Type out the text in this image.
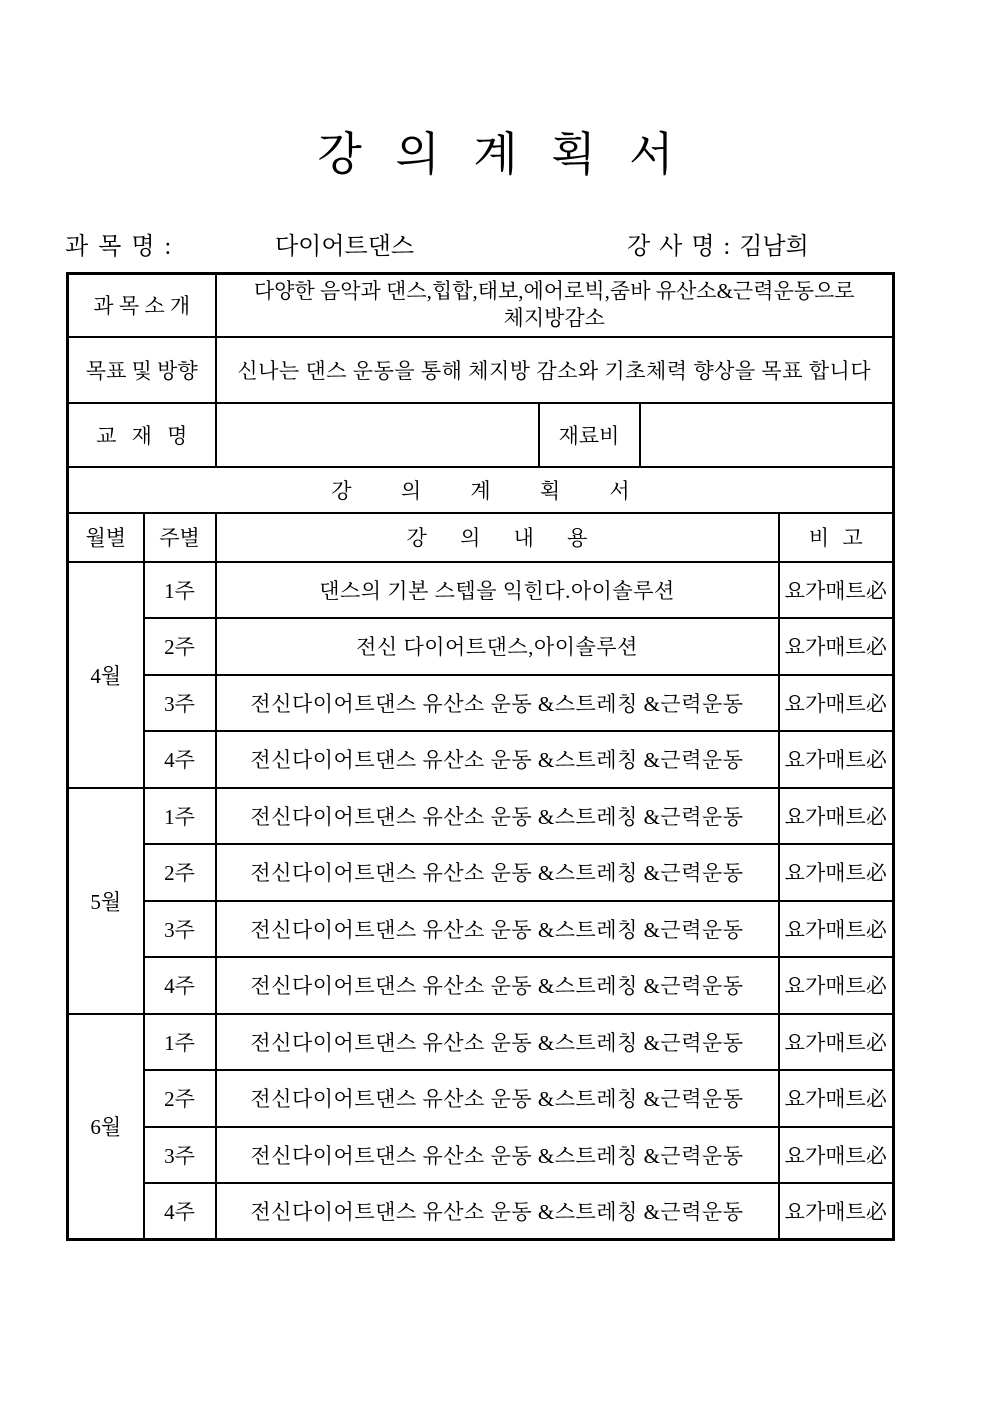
강 의 계 획 서
과 목 명 :	다이어트댄스	강 사 명 : 김남희
과 목 소 개		다양한 음악과 댄스,힙합,태보,에어로빅,줌바 유산소&근력운동으로
체지방감소			

목표 및 방향		신나는 댄스 운동을 통해 체지방 감소와 기초체력 향상을 목표 합니다			
교 재 명			재료비		
강 의 계 획 서					
월별	주별	강 의 내 용			비 고
4월	1주	댄스의 기본 스텝을 익힌다.아이솔루션			요가매트必
	2주	전신 다이어트댄스,아이솔루션			요가매트必
	3주	전신다이어트댄스 유산소 운동 &스트레칭 &근력운동			요가매트必
	4주	전신다이어트댄스 유산소 운동 &스트레칭 &근력운동			요가매트必
5월	1주	전신다이어트댄스 유산소 운동 &스트레칭 &근력운동			요가매트必
	2주	전신다이어트댄스 유산소 운동 &스트레칭 &근력운동			요가매트必
	3주	전신다이어트댄스 유산소 운동 &스트레칭 &근력운동			요가매트必
	4주	전신다이어트댄스 유산소 운동 &스트레칭 &근력운동			요가매트必
6월	1주	전신다이어트댄스 유산소 운동 &스트레칭 &근력운동			요가매트必
	2주	전신다이어트댄스 유산소 운동 &스트레칭 &근력운동			요가매트必
	3주	전신다이어트댄스 유산소 운동 &스트레칭 &근력운동			요가매트必
	4주	전신다이어트댄스 유산소 운동 &스트레칭 &근력운동			요가매트必
